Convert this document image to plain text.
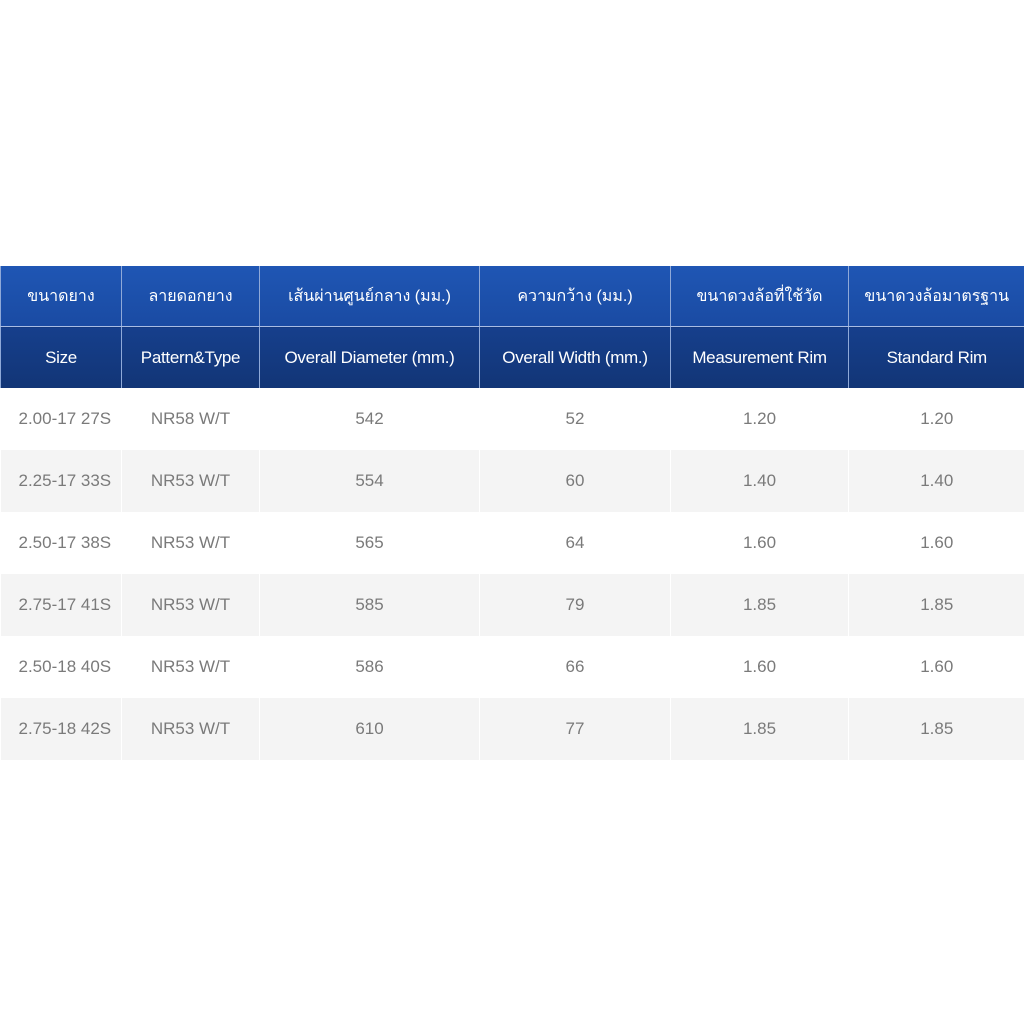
ขนาดยาง	ลายดอกยาง	เส้นผ่านศูนย์กลาง (มม.)	ความกว้าง (มม.)	ขนาดวงล้อที่ใช้วัด	ขนาดวงล้อมาตรฐาน
Size	Pattern&Type	Overall Diameter (mm.)	Overall Width (mm.)	Measurement Rim	Standard Rim
2.00-17 27S	NR58 W/T	542	52	1.20	1.20
2.25-17 33S	NR53 W/T	554	60	1.40	1.40
2.50-17 38S	NR53 W/T	565	64	1.60	1.60
2.75-17 41S	NR53 W/T	585	79	1.85	1.85
2.50-18 40S	NR53 W/T	586	66	1.60	1.60
2.75-18 42S	NR53 W/T	610	77	1.85	1.85
